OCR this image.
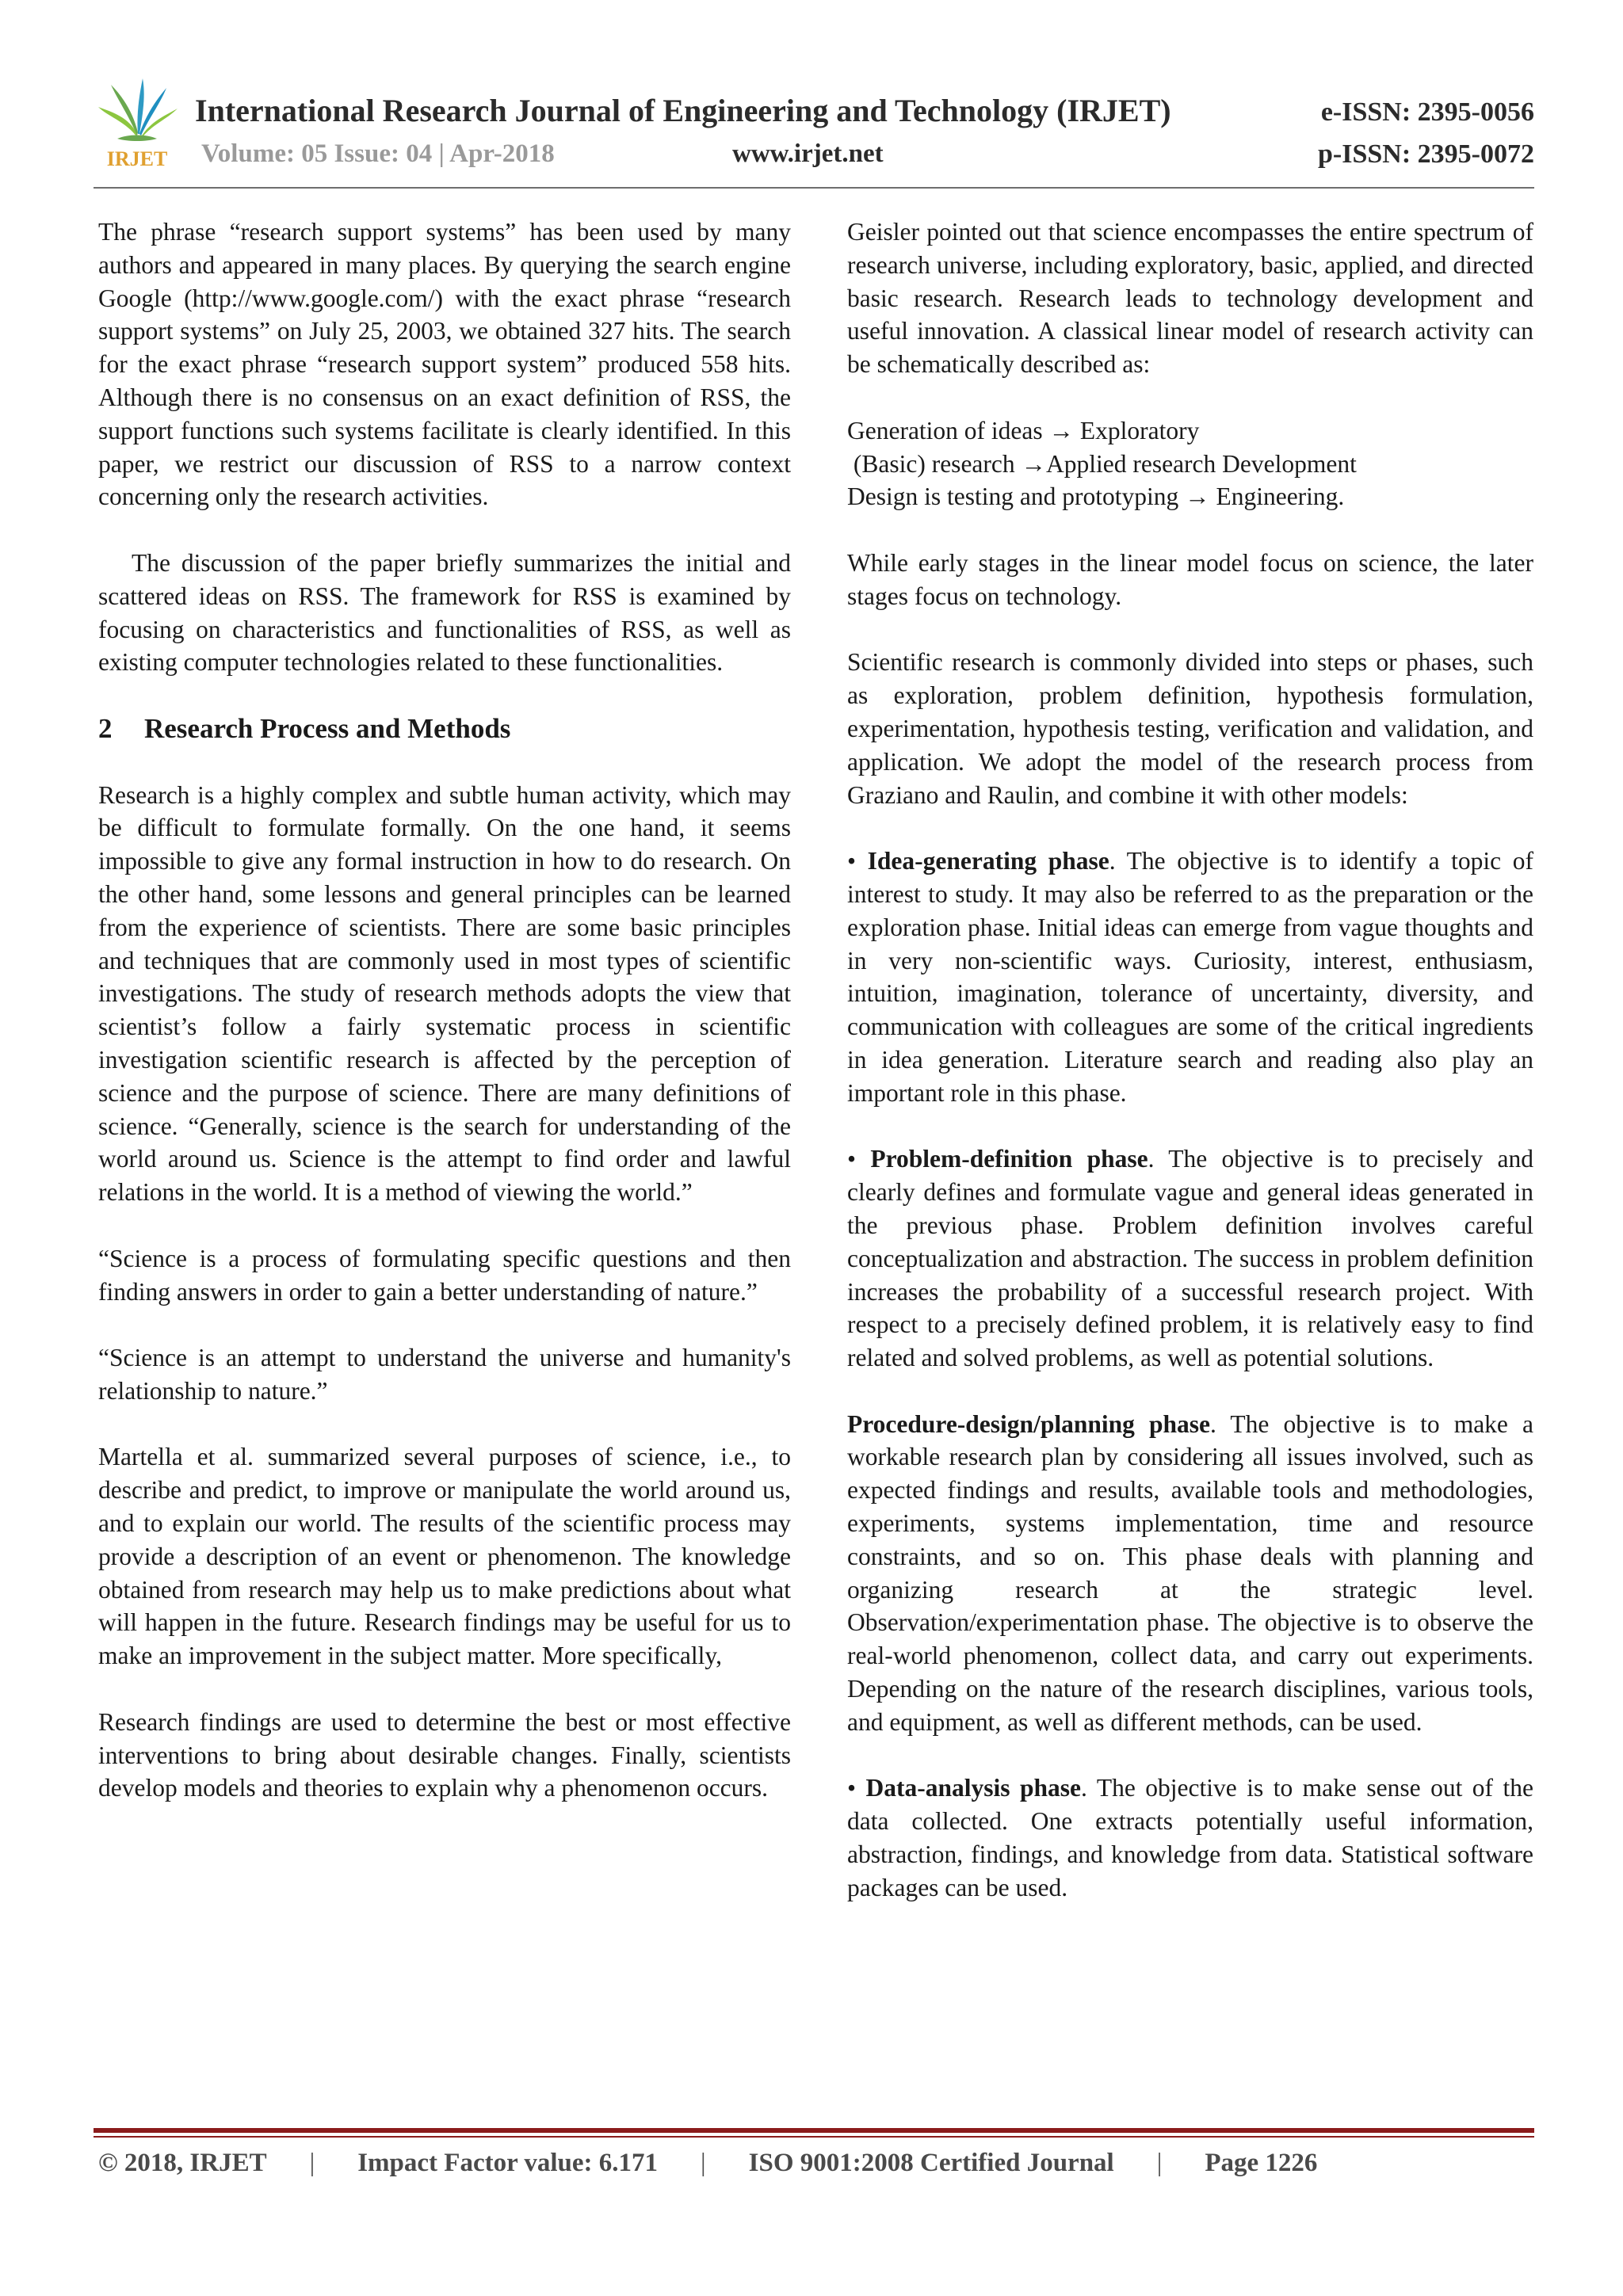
IRJET
International Research Journal of Engineering and Technology (IRJET)
Volume: 05 Issue: 04 | Apr-2018	www.irjet.net
e-ISSN: 2395-0056
p-ISSN: 2395-0072

The phrase “research support systems” has been used by many authors and appeared in many places. By querying the search engine Google (http://www.google.com/) with the exact phrase “research support systems” on July 25, 2003, we obtained 327 hits. The search for the exact phrase “research support system” produced 558 hits. Although there is no consensus on an exact definition of RSS, the support functions such systems facilitate is clearly identified. In this paper, we restrict our discussion of RSS to a narrow context concerning only the research activities.

The discussion of the paper briefly summarizes the initial and scattered ideas on RSS. The framework for RSS is examined by focusing on characteristics and functionalities of RSS, as well as existing computer technologies related to these functionalities.

2 Research Process and Methods

Research is a highly complex and subtle human activity, which may be difficult to formulate formally. On the one hand, it seems impossible to give any formal instruction in how to do research. On the other hand, some lessons and general principles can be learned from the experience of scientists. There are some basic principles and techniques that are commonly used in most types of scientific investigations. The study of research methods adopts the view that scientist’s follow a fairly systematic process in scientific investigation scientific research is affected by the perception of science and the purpose of science. There are many definitions of science. “Generally, science is the search for understanding of the world around us. Science is the attempt to find order and lawful relations in the world. It is a method of viewing the world.”

“Science is a process of formulating specific questions and then finding answers in order to gain a better understanding of nature.”

“Science is an attempt to understand the universe and humanity's relationship to nature.”

Martella et al. summarized several purposes of science, i.e., to describe and predict, to improve or manipulate the world around us, and to explain our world. The results of the scientific process may provide a description of an event or phenomenon. The knowledge obtained from research may help us to make predictions about what will happen in the future. Research findings may be useful for us to make an improvement in the subject matter. More specifically,

Research findings are used to determine the best or most effective interventions to bring about desirable changes. Finally, scientists develop models and theories to explain why a phenomenon occurs.

Geisler pointed out that science encompasses the entire spectrum of research universe, including exploratory, basic, applied, and directed basic research. Research leads to technology development and useful innovation. A classical linear model of research activity can be schematically described as:

Generation of ideas → Exploratory
(Basic) research →Applied research Development
Design is testing and prototyping → Engineering.

While early stages in the linear model focus on science, the later stages focus on technology.

Scientific research is commonly divided into steps or phases, such as exploration, problem definition, hypothesis formulation, experimentation, hypothesis testing, verification and validation, and application. We adopt the model of the research process from Graziano and Raulin, and combine it with other models:

• Idea-generating phase. The objective is to identify a topic of interest to study. It may also be referred to as the preparation or the exploration phase. Initial ideas can emerge from vague thoughts and in very non-scientific ways. Curiosity, interest, enthusiasm, intuition, imagination, tolerance of uncertainty, diversity, and communication with colleagues are some of the critical ingredients in idea generation. Literature search and reading also play an important role in this phase.

• Problem-definition phase. The objective is to precisely and clearly defines and formulate vague and general ideas generated in the previous phase. Problem definition involves careful conceptualization and abstraction. The success in problem definition increases the probability of a successful research project. With respect to a precisely defined problem, it is relatively easy to find related and solved problems, as well as potential solutions.

Procedure-design/planning phase. The objective is to make a workable research plan by considering all issues involved, such as expected findings and results, available tools and methodologies, experiments, systems implementation, time and resource constraints, and so on. This phase deals with planning and organizing research at the strategic level. Observation/experimentation phase. The objective is to observe the real-world phenomenon, collect data, and carry out experiments. Depending on the nature of the research disciplines, various tools, and equipment, as well as different methods, can be used.

• Data-analysis phase. The objective is to make sense out of the data collected. One extracts potentially useful information, abstraction, findings, and knowledge from data. Statistical software packages can be used.

© 2018, IRJET | Impact Factor value: 6.171 | ISO 9001:2008 Certified Journal | Page 1226
